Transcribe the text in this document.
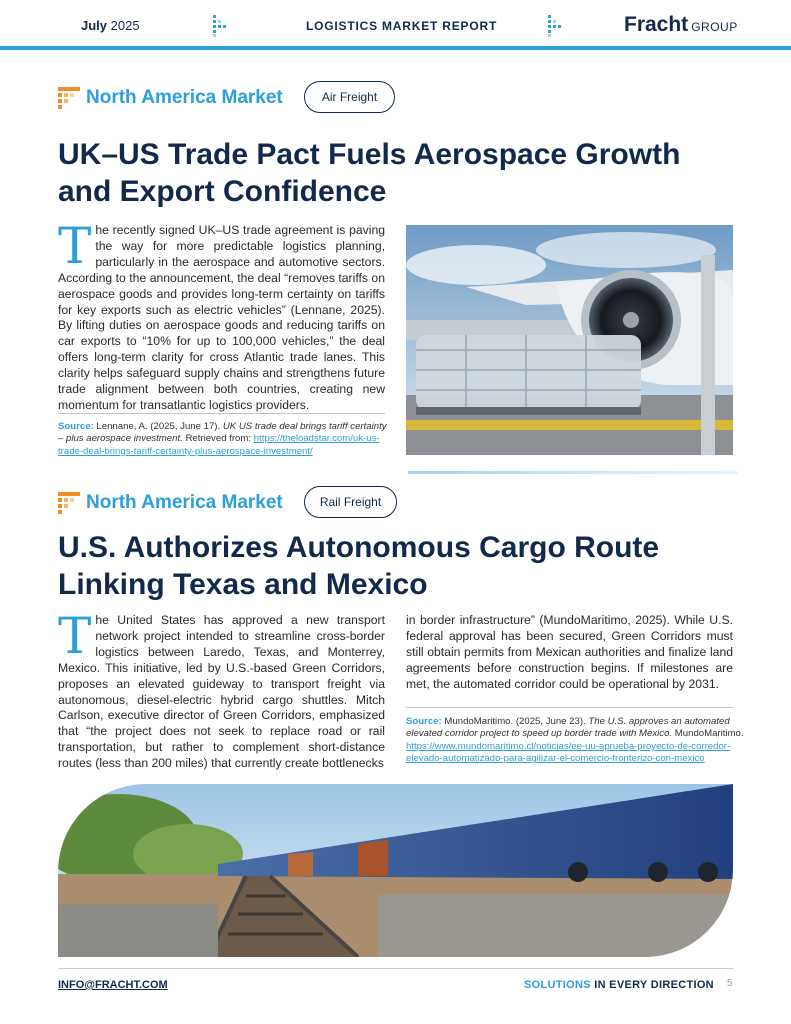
July 2025	LOGISTICS MARKET REPORT	Fracht GROUP
North America Market	Air Freight
UK–US Trade Pact Fuels Aerospace Growth
and Export Confidence
The recently signed UK–US trade agreement is paving the way for more predictable logistics planning, particularly in the aerospace and automotive sectors. According to the announcement, the deal “removes tariffs on aerospace goods and provides long-term certainty on tariffs for key exports such as electric vehicles” (Lennane, 2025). By lifting duties on aerospace goods and reducing tariffs on car exports to “10% for up to 100,000 vehicles,” the deal offers long-term clarity for cross Atlantic trade lanes. This clarity helps safeguard supply chains and strengthens future trade alignment between both countries, creating new momentum for transatlantic logistics providers.
Source: Lennane, A. (2025, June 17). UK US trade deal brings tariff certainty – plus aerospace investment. Retrieved from: https://theloadstar.com/uk-us-trade-deal-brings-tariff-certainty-plus-aerospace-investment/
North America Market	Rail Freight
U.S. Authorizes Autonomous Cargo Route
Linking Texas and Mexico
The United States has approved a new transport network project intended to streamline cross-border logistics between Laredo, Texas, and Monterrey, Mexico. This initiative, led by U.S.-based Green Corridors, proposes an elevated guideway to transport freight via autonomous, diesel-electric hybrid cargo shuttles. Mitch Carlson, executive director of Green Corridors, emphasized that “the project does not seek to replace road or rail transportation, but rather to complement short-distance routes (less than 200 miles) that currently create bottlenecks
in border infrastructure” (MundoMaritimo, 2025). While U.S. federal approval has been secured, Green Corridors must still obtain permits from Mexican authorities and finalize land agreements before construction begins. If milestones are met, the automated corridor could be operational by 2031.
Source: MundoMaritimo. (2025, June 23). The U.S. approves an automated elevated corridor project to speed up border trade with Mexico. MundoMaritimo. https://www.mundomaritimo.cl/noticias/ee-uu-aprueba-proyecto-de-corredor-elevado-automatizado-para-agilizar-el-comercio-fronterizo-con-mexico
INFO@FRACHT.COM	SOLUTIONS IN EVERY DIRECTION 5
